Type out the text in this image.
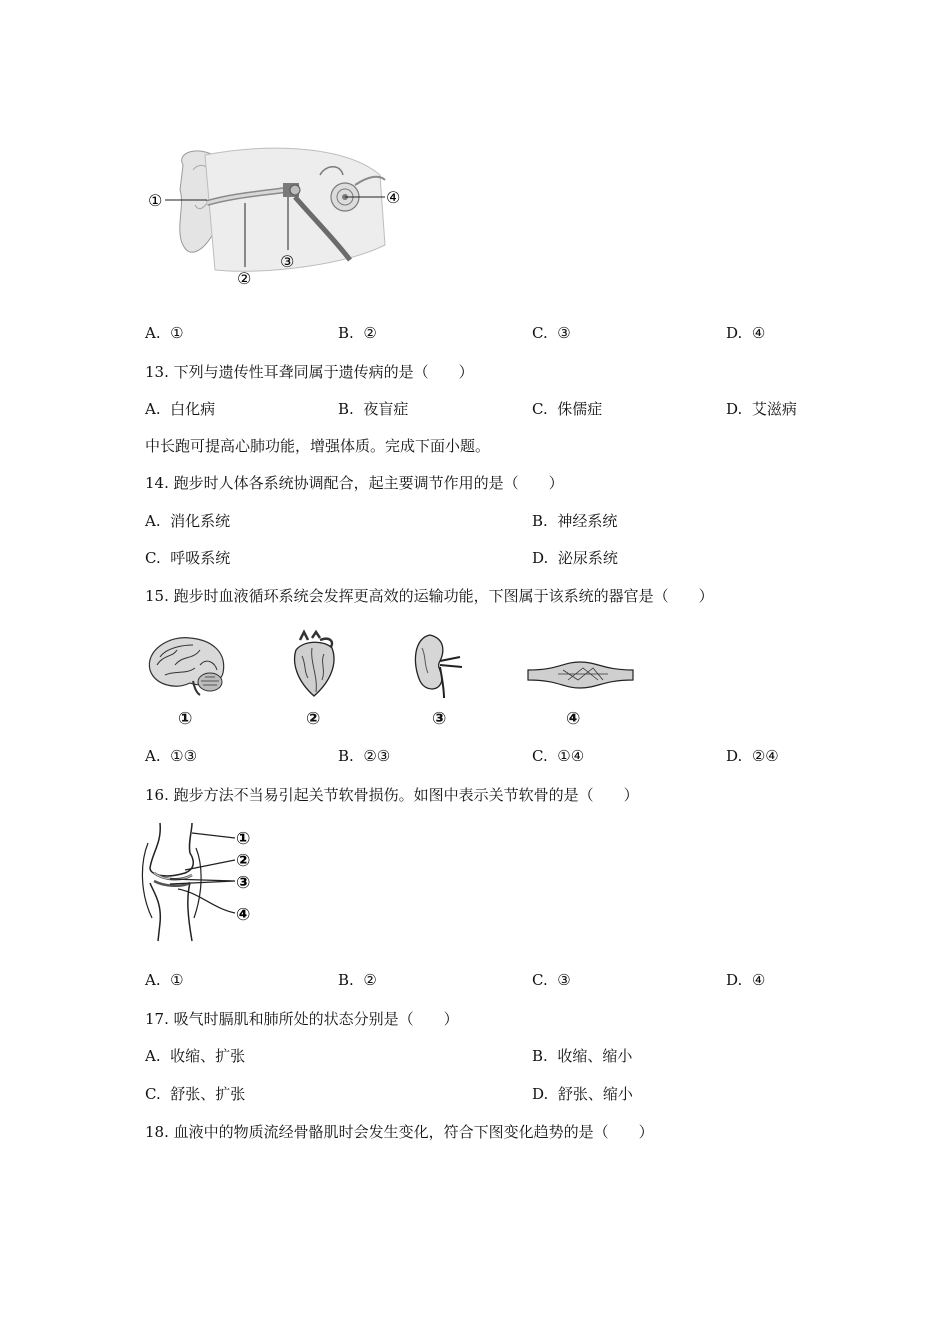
①
②
③
④
A. ①	B. ②	C. ③	D. ④
13. 下列与遗传性耳聋同属于遗传病的是（　　）
A. 白化病	B. 夜盲症	C. 侏儒症	D. 艾滋病
中长跑可提高心肺功能，增强体质。完成下面小题。
14. 跑步时人体各系统协调配合，起主要调节作用的是（　　）
A. 消化系统	B. 神经系统
C. 呼吸系统	D. 泌尿系统
15. 跑步时血液循环系统会发挥更高效的运输功能，下图属于该系统的器官是（　　）
①	②	③	④
A. ①③	B. ②③	C. ①④	D. ②④
16. 跑步方法不当易引起关节软骨损伤。如图中表示关节软骨的是（　　）
①
②
③
④
A. ①	B. ②	C. ③	D. ④
17. 吸气时膈肌和肺所处的状态分别是（　　）
A. 收缩、扩张	B. 收缩、缩小
C. 舒张、扩张	D. 舒张、缩小
18. 血液中的物质流经骨骼肌时会发生变化，符合下图变化趋势的是（　　）
